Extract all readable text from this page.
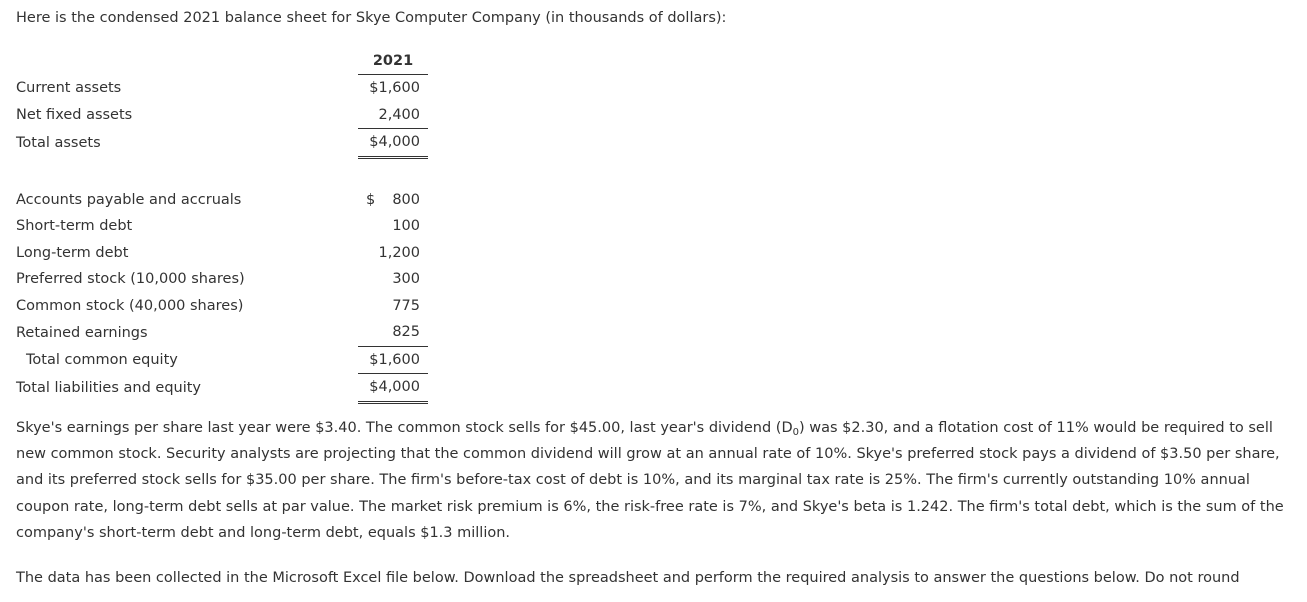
Here is the condensed 2021 balance sheet for Skye Computer Company (in thousands of dollars):
	2021
Current assets	$1,600
Net fixed assets	2,400
Total assets	$4,000

Accounts payable and accruals	$ 800
Short-term debt	100
Long-term debt	1,200
Preferred stock (10,000 shares)	300
Common stock (40,000 shares)	775
Retained earnings	825
Total common equity	$1,600
Total liabilities and equity	$4,000
Skye's earnings per share last year were $3.40. The common stock sells for $45.00, last year's dividend $(D_0)$ was $2.30, and a flotation cost of 11% would be required to sell new common stock. Security analysts are projecting that the common dividend will grow at an annual rate of 10%. Skye's preferred stock pays a dividend of $3.50 per share, and its preferred stock sells for $35.00 per share. The firm's before-tax cost of debt is 10%, and its marginal tax rate is 25%. The firm's currently outstanding 10% annual coupon rate, long-term debt sells at par value. The market risk premium is 6%, the risk-free rate is 7%, and Skye's beta is 1.242. The firm's total debt, which is the sum of the company's short-term debt and long-term debt, equals $1.3 million.
The data has been collected in the Microsoft Excel file below. Download the spreadsheet and perform the required analysis to answer the questions below. Do not round
